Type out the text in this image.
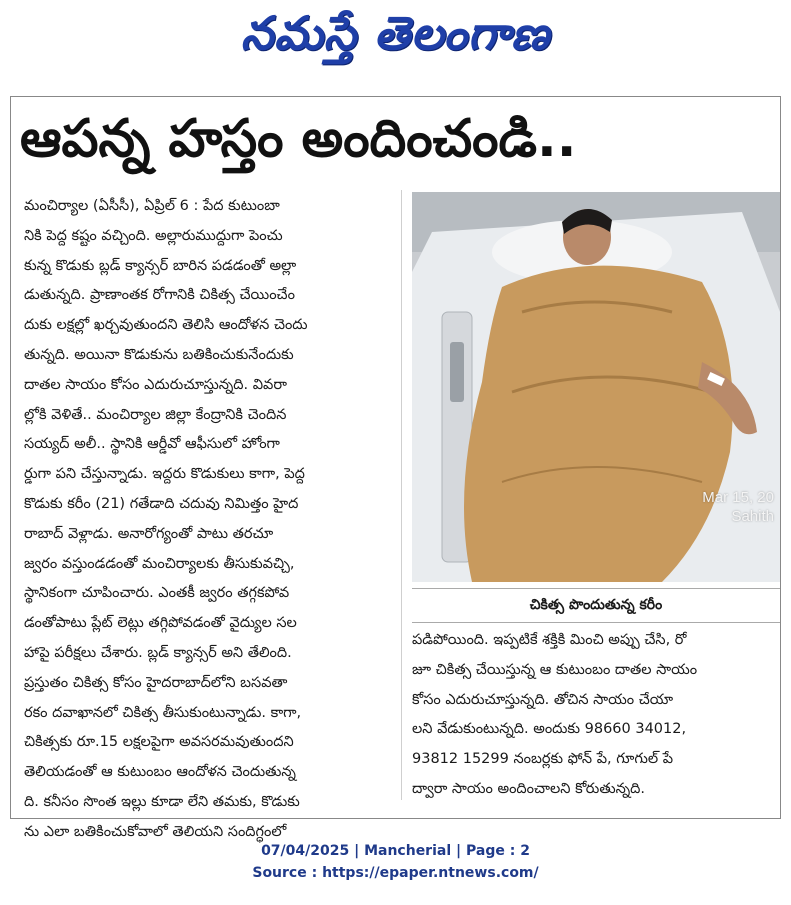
నమస్తే తెలంగాణ
ఆపన్న హస్తం అందించండి..

మంచిర్యాల (ఏసీసీ), ఏప్రిల్ 6 : పేద కుటుంబా

నికి పెద్ద కష్టం వచ్చింది. అల్లారుముద్దుగా పెంచు

కున్న కొడుకు బ్లడ్ క్యాన్సర్ బారిన పడడంతో అల్లా

డుతున్నది. ప్రాణాంతక రోగానికి చికిత్స చేయించేం

దుకు లక్షల్లో ఖర్చవుతుందని తెలిసి ఆందోళన చెందు

తున్నది. అయినా కొడుకును బతికించుకునేందుకు

దాతల సాయం కోసం ఎదురుచూస్తున్నది. వివరా

ల్లోకి వెళితే.. మంచిర్యాల జిల్లా కేంద్రానికి చెందిన

సయ్యద్ అలీ.. స్థానికి ఆర్డీవో ఆఫీసులో హోంగా

ర్డుగా పని చేస్తున్నాడు. ఇద్దరు కొడుకులు కాగా, పెద్ద

కొడుకు కరీం (21) గతేడాది చదువు నిమిత్తం హైద

రాబాద్ వెళ్లాడు. అనారోగ్యంతో పాటు తరచూ

జ్వరం వస్తుండడంతో మంచిర్యాలకు తీసుకువచ్చి,

స్థానికంగా చూపించారు. ఎంతకీ జ్వరం తగ్గకపోవ

డంతోపాటు ప్లేట్ లెట్లు తగ్గిపోవడంతో వైద్యుల సల

హాపై పరీక్షలు చేశారు. బ్లడ్ క్యాన్సర్ అని తేలింది.

ప్రస్తుతం చికిత్స కోసం హైదరాబాద్‌లోని బసవతా

రకం దవాఖానలో చికిత్స తీసుకుంటున్నాడు. కాగా,

చికిత్సకు రూ.15 లక్షలపైగా అవసరమవుతుందని

తెలియడంతో ఆ కుటుంబం ఆందోళన చెందుతున్న

ది. కనీసం సొంత ఇల్లు కూడా లేని తమకు, కొడుకు

ను ఎలా బతికించుకోవాలో తెలియని సందిగ్ధంలో

Mar 15, 20
Sahith
చికిత్స పొందుతున్న కరీం

పడిపోయింది. ఇప్పటికే శక్తికి మించి అప్పు చేసి, రో

జూ చికిత్స చేయిస్తున్న ఆ కుటుంబం దాతల సాయం

కోసం ఎదురుచూస్తున్నది. తోచిన సాయం చేయా

లని వేడుకుంటున్నది. అందుకు 98660 34012,

93812 15299 నంబర్లకు ఫోన్ పే, గూగుల్ పే

ద్వారా సాయం అందించాలని కోరుతున్నది.

07/04/2025 | Mancherial | Page : 2
Source : https://epaper.ntnews.com/
